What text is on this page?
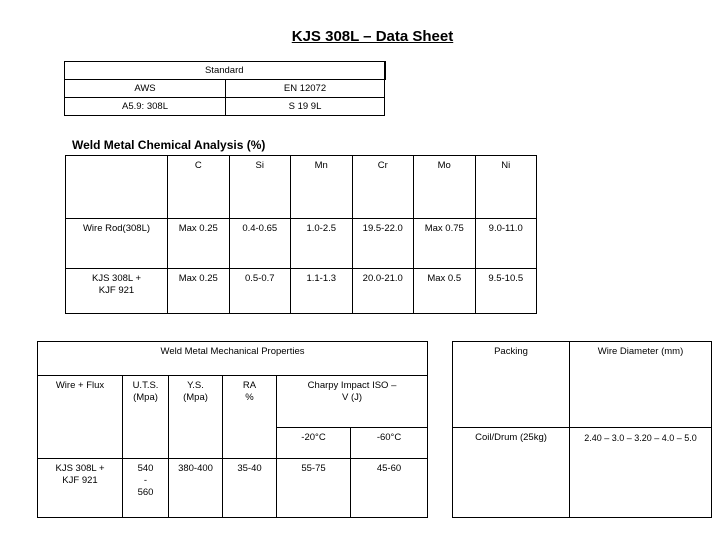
KJS 308L – Data Sheet
Standard	
AWS	EN 12072
A5.9: 308L	S 19 9L
Weld Metal Chemical Analysis (%)
	C	Si	Mn	Cr	Mo	Ni
Wire Rod(308L)	Max 0.25	0.4-0.65	1.0-2.5	19.5-22.0	Max 0.75	9.0-11.0
KJS 308L + KJF 921	Max 0.25	0.5-0.7	1.1-1.3	20.0-21.0	Max 0.5	9.5-10.5
Weld Metal Mechanical Properties					
Wire + Flux	U.T.S. (Mpa)	Y.S. (Mpa)	RA %	Charpy Impact ISO – V (J)	
				-20°C	-60°C
KJS 308L + KJF 921	540 - 560	380-400	35-40	55-75	45-60
Packing	Wire Diameter (mm)
Coil/Drum (25kg)	2.40 – 3.0 – 3.20 – 4.0 – 5.0
